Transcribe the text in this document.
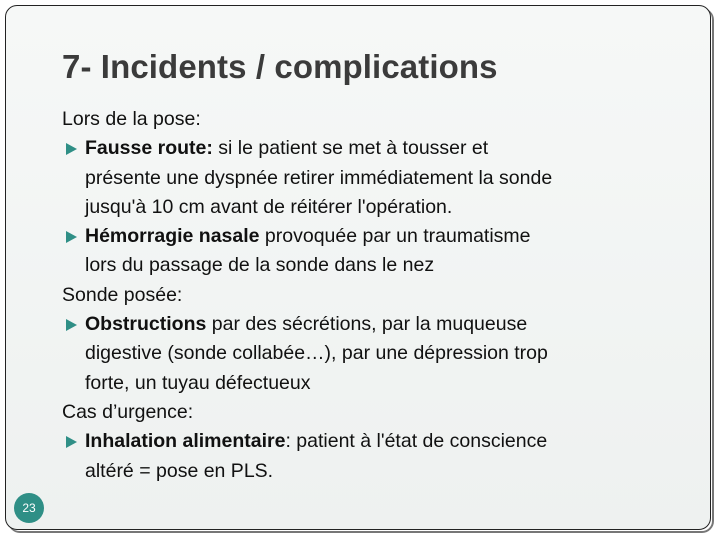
7- Incidents / complications
Lors de la pose:
Fausse route: si le patient se met à tousser et
présente une dyspnée retirer immédiatement la sonde
jusqu'à 10 cm avant de réitérer l'opération.
Hémorragie nasale provoquée par un traumatisme
lors du passage de la sonde dans le nez
Sonde posée:
Obstructions par des sécrétions, par la muqueuse
digestive (sonde collabée…), par une dépression trop
forte, un tuyau défectueux
Cas d’urgence:
Inhalation alimentaire: patient à l'état de conscience
altéré = pose en PLS.
23
